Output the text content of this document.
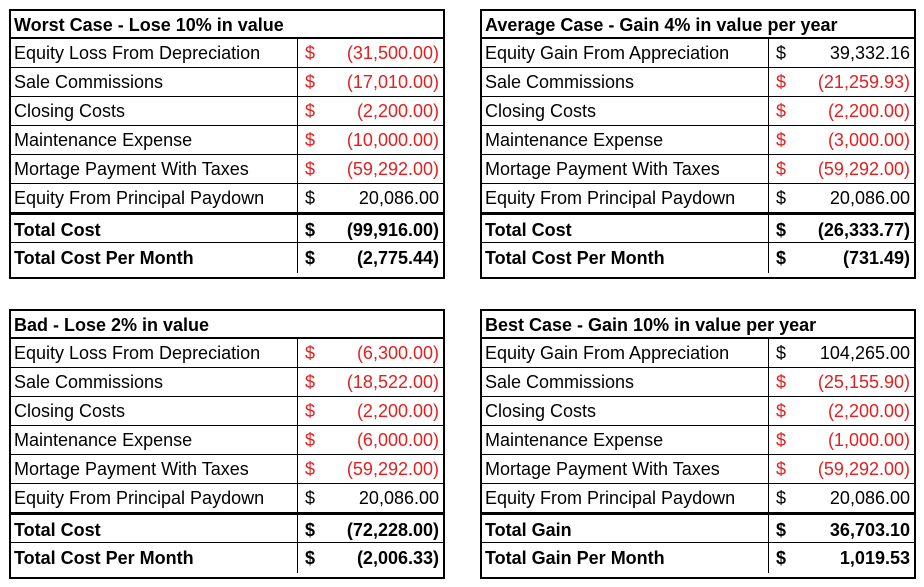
Worst Case - Lose 10% in value
Equity Loss From Depreciation	$ (31,500.00)
Sale Commissions	$ (17,010.00)
Closing Costs	$ (2,200.00)
Maintenance Expense	$ (10,000.00)
Mortage Payment With Taxes	$ (59,292.00)
Equity From Principal Paydown	$ 20,086.00
Total Cost	$ (99,916.00)
Total Cost Per Month	$ (2,775.44)
Average Case - Gain 4% in value per year
Equity Gain From Appreciation	$ 39,332.16
Sale Commissions	$ (21,259.93)
Closing Costs	$ (2,200.00)
Maintenance Expense	$ (3,000.00)
Mortage Payment With Taxes	$ (59,292.00)
Equity From Principal Paydown	$ 20,086.00
Total Cost	$ (26,333.77)
Total Cost Per Month	$	(731.49)
Bad - Lose 2% in value
Equity Loss From Depreciation	$ (6,300.00)
Sale Commissions	$ (18,522.00)
Closing Costs	$ (2,200.00)
Maintenance Expense	$ (6,000.00)
Mortage Payment With Taxes	$ (59,292.00)
Equity From Principal Paydown	$ 20,086.00
Total Cost	$ (72,228.00)
Total Cost Per Month	$ (2,006.33)
Best Case - Gain 10% in value per year
Equity Gain From Appreciation	$ 104,265.00
Sale Commissions	$ (25,155.90)
Closing Costs	$ (2,200.00)
Maintenance Expense	$ (1,000.00)
Mortage Payment With Taxes	$ (59,292.00)
Equity From Principal Paydown	$ 20,086.00
Total Gain	$ 36,703.10
Total Gain Per Month	$	1,019.53
